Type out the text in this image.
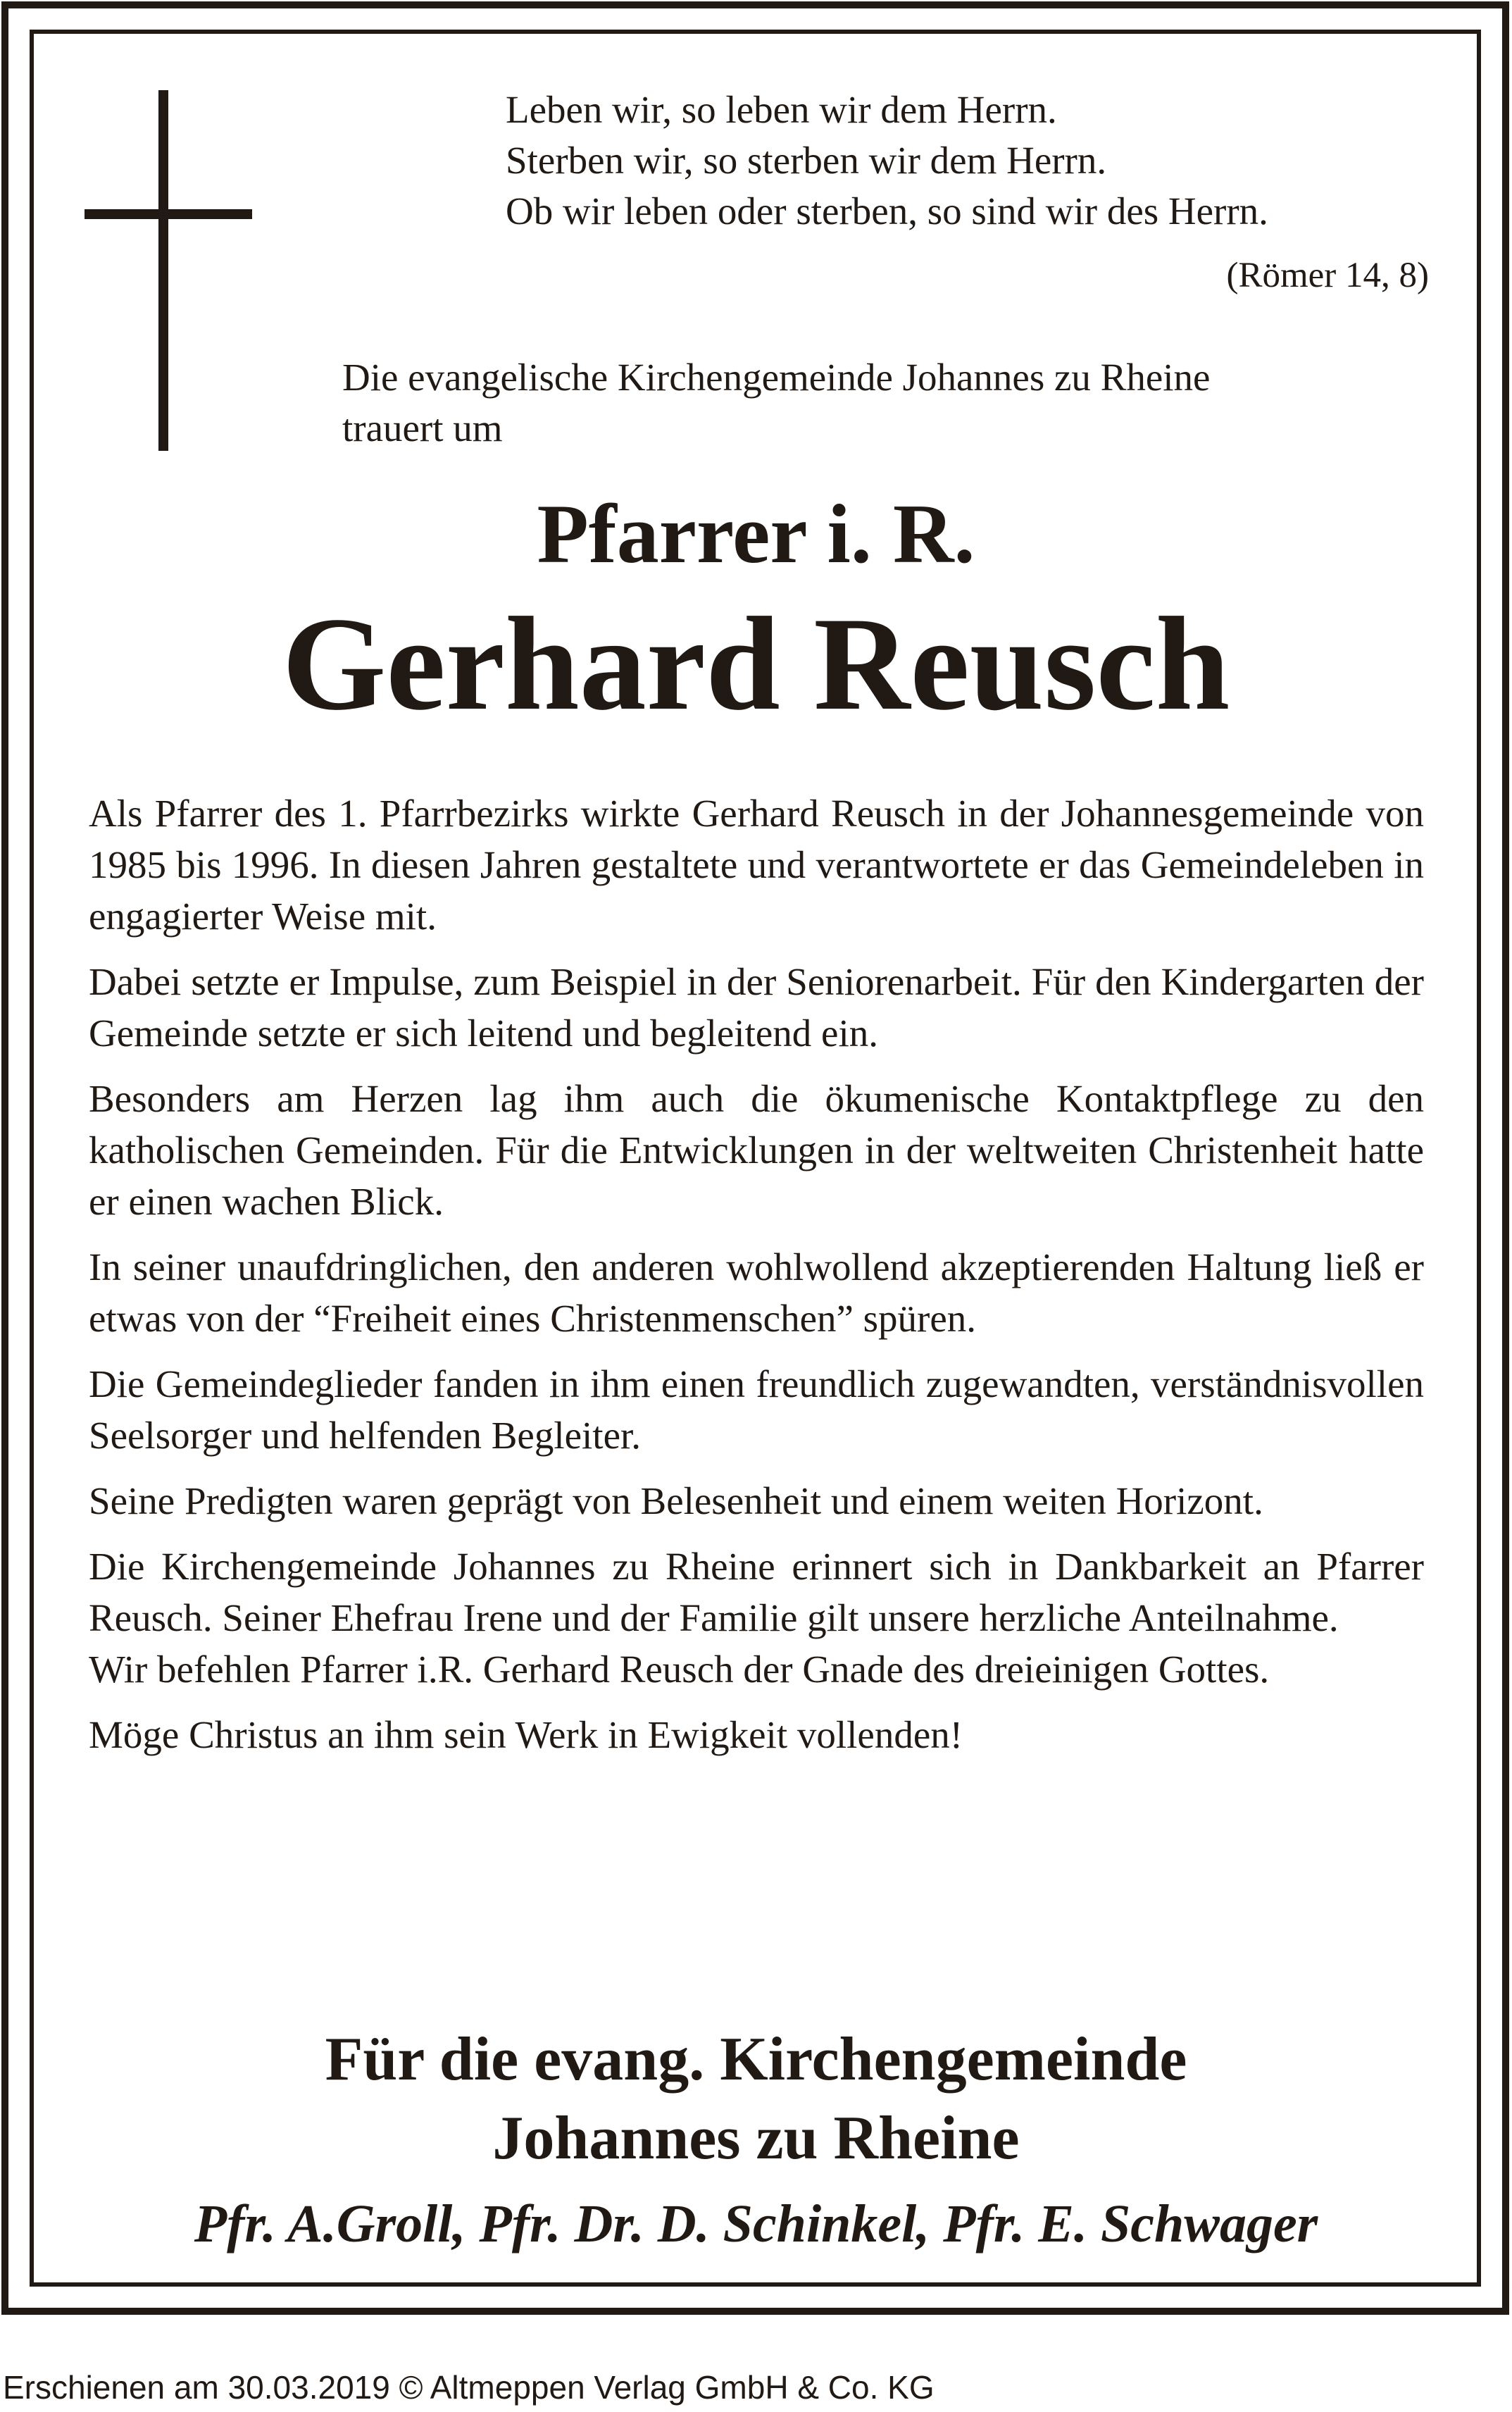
Leben wir, so leben wir dem Herrn.
Sterben wir, so sterben wir dem Herrn.
Ob wir leben oder sterben, so sind wir des Herrn.
(Römer 14, 8)
Die evangelische Kirchengemeinde Johannes zu Rheine
trauert um
Pfarrer i. R.
Gerhard Reusch

Als Pfarrer des 1. Pfarrbezirks wirkte Gerhard Reusch in der Johannesgemeinde von 1985 bis 1996. In diesen Jahren gestaltete und verantwortete er das Gemeindeleben in engagierter Weise mit.

Dabei setzte er Impulse, zum Beispiel in der Seniorenarbeit. Für den Kindergarten der Gemeinde setzte er sich leitend und begleitend ein.

Besonders am Herzen lag ihm auch die ökumenische Kontaktpflege zu den katholischen Gemeinden. Für die Entwicklungen in der weltweiten Christenheit hatte er einen wachen Blick.

In seiner unaufdringlichen, den anderen wohlwollend akzeptierenden Haltung ließ er etwas von der “Freiheit eines Christenmenschen” spüren.

Die Gemeindeglieder fanden in ihm einen freundlich zugewandten, verständnisvollen Seelsorger und helfenden Begleiter.

Seine Predigten waren geprägt von Belesenheit und einem weiten Horizont.

Die Kirchengemeinde Johannes zu Rheine erinnert sich in Dankbarkeit an Pfarrer Reusch. Seiner Ehefrau Irene und der Familie gilt unsere herzliche Anteilnahme.

Wir befehlen Pfarrer i.R. Gerhard Reusch der Gnade des dreieinigen Gottes.

Möge Christus an ihm sein Werk in Ewigkeit vollenden!

Für die evang. Kirchengemeinde
Johannes zu Rheine
Pfr. A.Groll, Pfr. Dr. D. Schinkel, Pfr. E. Schwager
Erschienen am 30.03.2019 © Altmeppen Verlag GmbH & Co. KG
